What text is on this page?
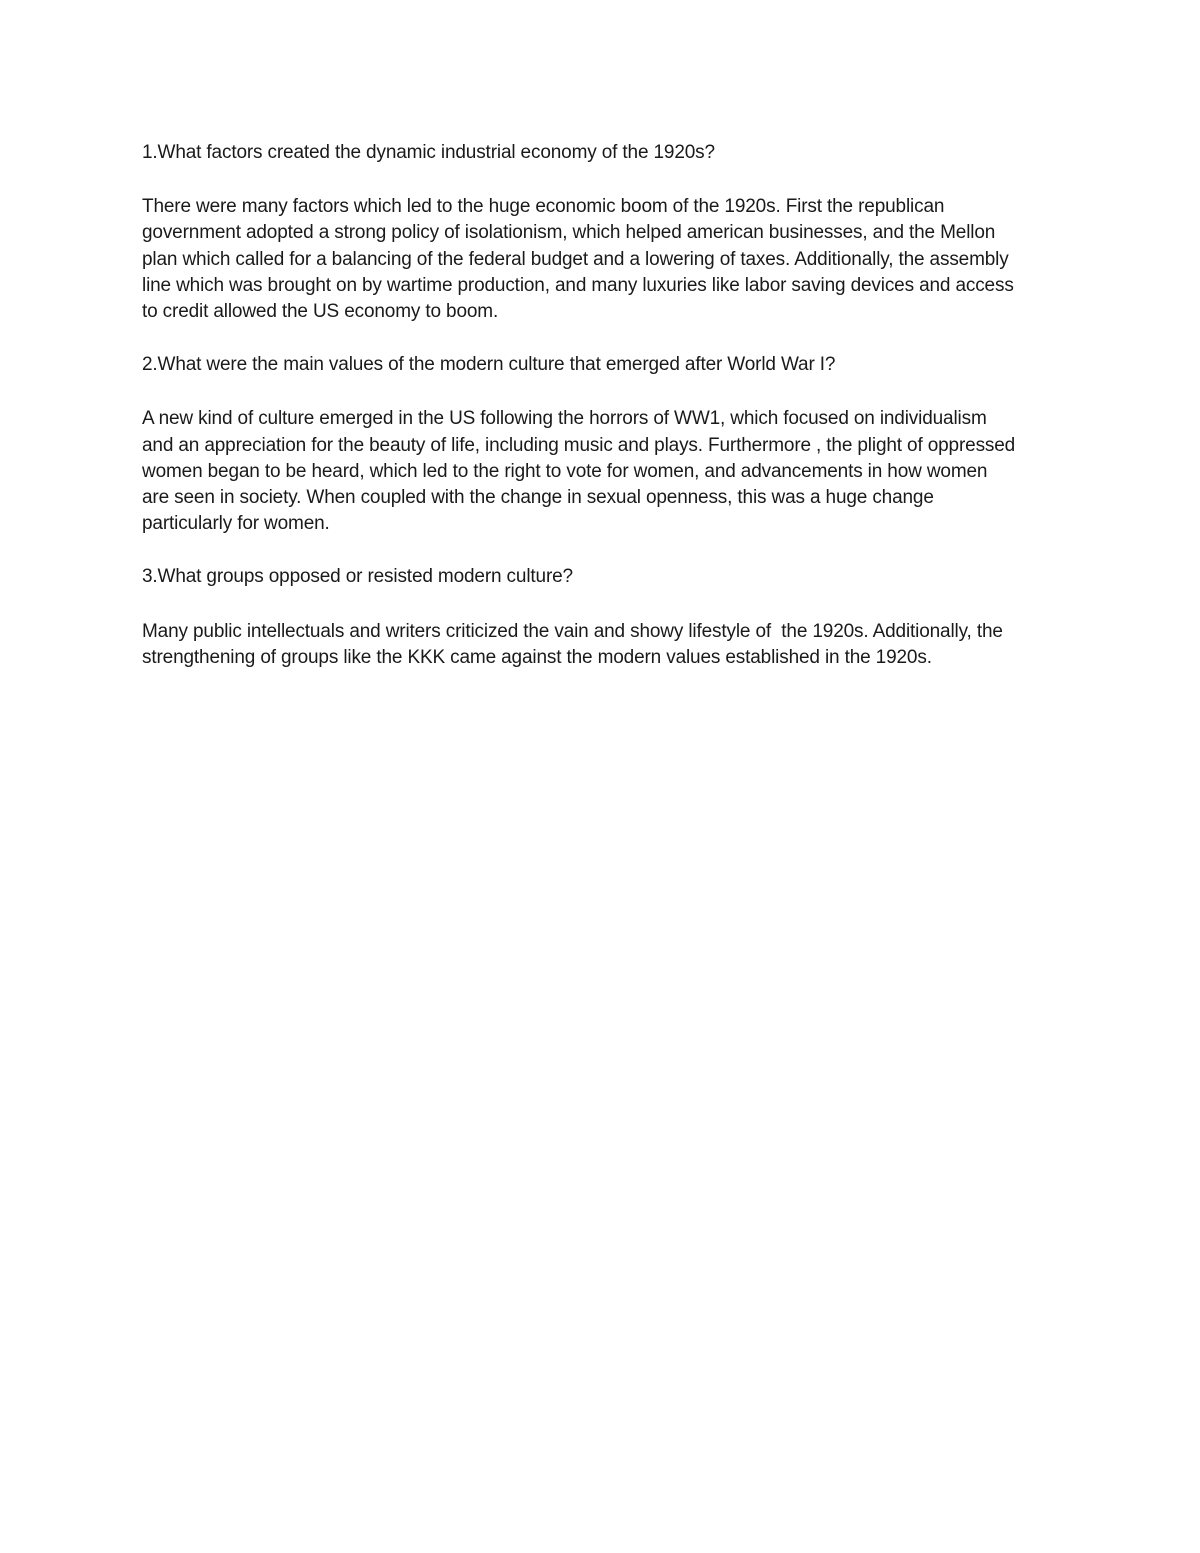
1.What factors created the dynamic industrial economy of the 1920s?

There were many factors which led to the huge economic boom of the 1920s. First the republican

government adopted a strong policy of isolationism, which helped american businesses, and the Mellon

plan which called for a balancing of the federal budget and a lowering of taxes. Additionally, the assembly

line which was brought on by wartime production, and many luxuries like labor saving devices and access

to credit allowed the US economy to boom.

2.What were the main values of the modern culture that emerged after World War I?

A new kind of culture emerged in the US following the horrors of WW1, which focused on individualism

and an appreciation for the beauty of life, including music and plays. Furthermore , the plight of oppressed

women began to be heard, which led to the right to vote for women, and advancements in how women

are seen in society. When coupled with the change in sexual openness, this was a huge change

particularly for women.

3.What groups opposed or resisted modern culture?

Many public intellectuals and writers criticized the vain and showy lifestyle of  the 1920s. Additionally, the

strengthening of groups like the KKK came against the modern values established in the 1920s.
